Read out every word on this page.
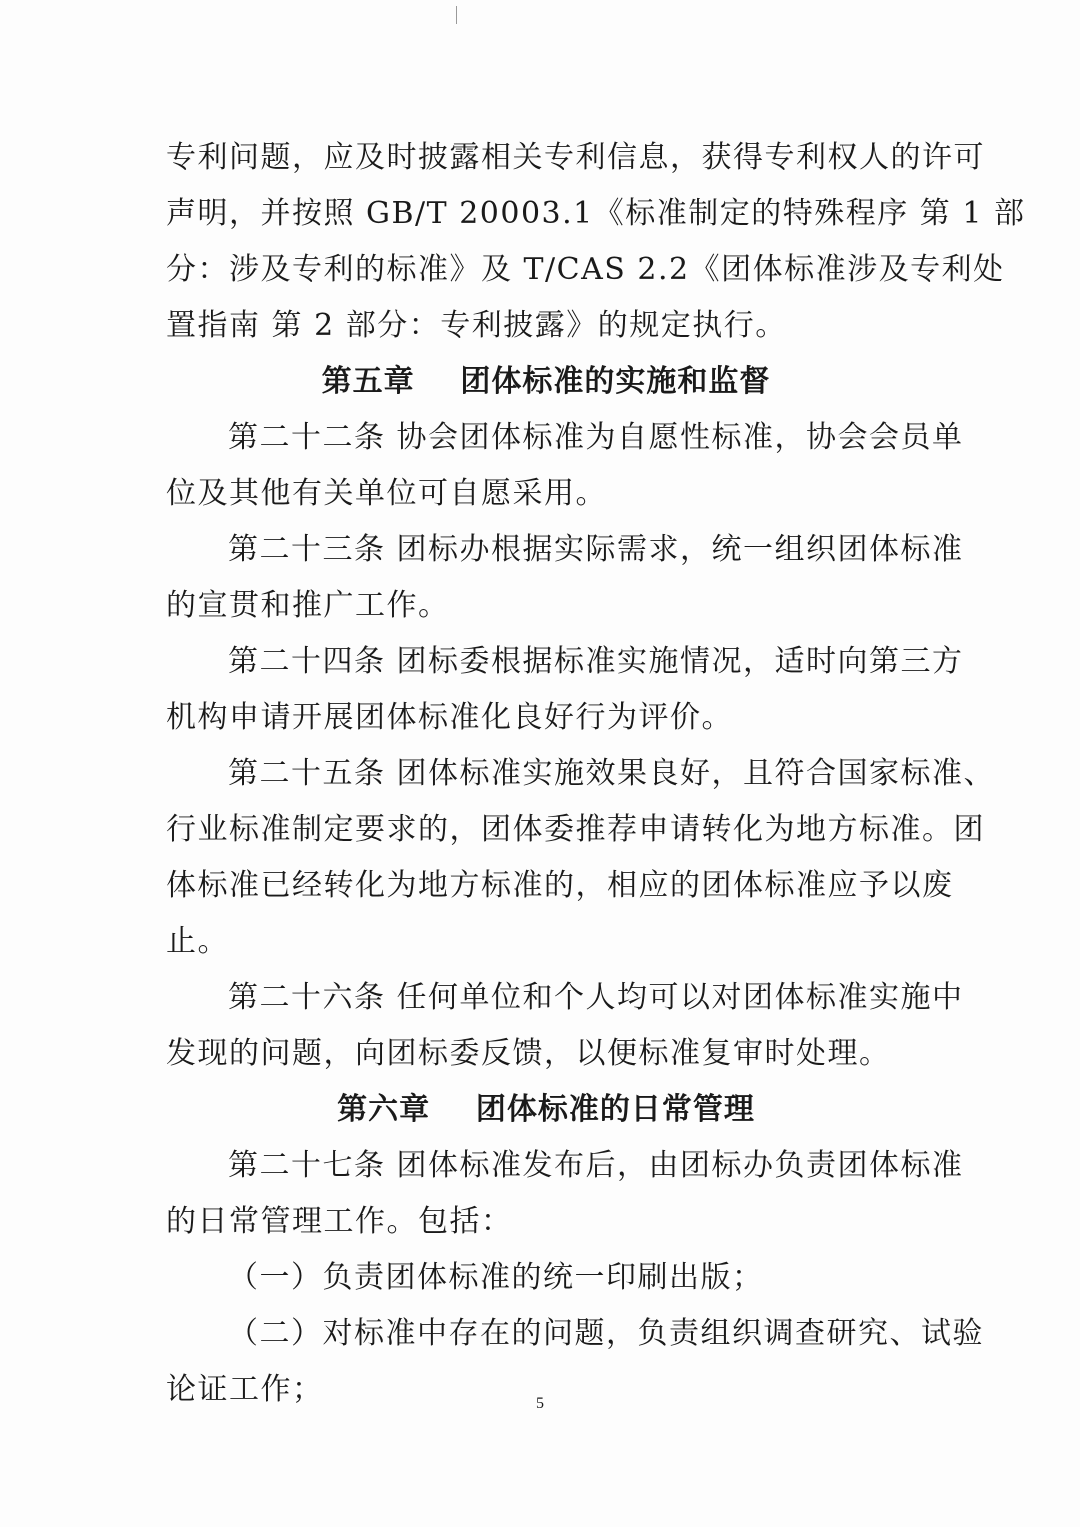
专利问题，应及时披露相关专利信息，获得专利权人的许可
声明，并按照 GB/T 20003.1《标准制定的特殊程序 第 1 部
分：涉及专利的标准》及 T/CAS 2.2《团体标准涉及专利处
置指南 第 2 部分：专利披露》的规定执行。
第五章    团体标准的实施和监督
第二十二条 协会团体标准为自愿性标准，协会会员单
位及其他有关单位可自愿采用。
第二十三条 团标办根据实际需求，统一组织团体标准
的宣贯和推广工作。
第二十四条 团标委根据标准实施情况，适时向第三方
机构申请开展团体标准化良好行为评价。
第二十五条 团体标准实施效果良好，且符合国家标准、
行业标准制定要求的，团体委推荐申请转化为地方标准。团
体标准已经转化为地方标准的，相应的团体标准应予以废
止。
第二十六条 任何单位和个人均可以对团体标准实施中
发现的问题，向团标委反馈，以便标准复审时处理。
第六章    团体标准的日常管理
第二十七条 团体标准发布后，由团标办负责团体标准
的日常管理工作。包括：
（一）负责团体标准的统一印刷出版；
（二）对标准中存在的问题，负责组织调查研究、试验
论证工作；	5
